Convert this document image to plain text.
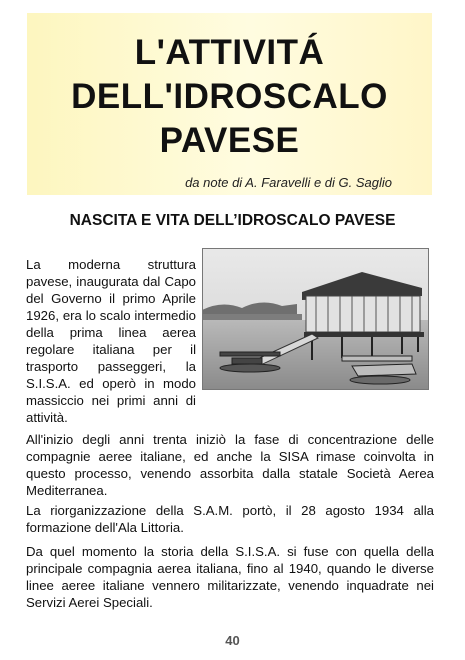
L'ATTIVITÁ
DELL'IDROSCALO
PAVESE
da note di A. Faravelli e di G. Saglio
NASCITA E VITA DELL’IDROSCALO PAVESE
La moderna struttura pavese, inaugurata dal Capo del Governo il primo Aprile 1926, era lo scalo intermedio della prima linea aerea regolare italiana per il trasporto passeggeri, la S.I.S.A. ed operò in modo massiccio nei primi anni di attività.
All'inizio degli anni trenta iniziò la fase di concentrazione delle compagnie aeree italiane, ed anche la SISA rimase coinvolta in questo processo, venendo assorbita dalla statale Società Aerea Mediterranea.
La riorganizzazione della S.A.M. portò, il 28 agosto 1934 alla formazione dell'Ala Littoria.
Da quel momento la storia della S.I.S.A. si fuse con quella della principale compagnia aerea italiana, fino al 1940, quando le diverse linee aeree italiane vennero militarizzate, venendo inquadrate nei Servizi Aerei Speciali.
40
